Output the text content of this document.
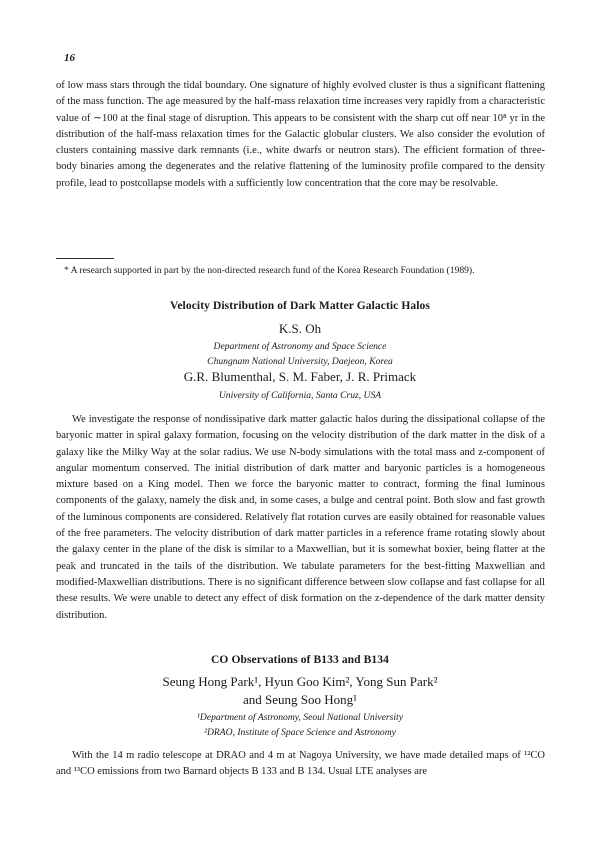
16

of low mass stars through the tidal boundary. One signature of highly evolved cluster is thus a significant flattening of the mass function. The age measured by the half-mass relaxation time increases very rapidly from a characteristic value of ∼100 at the final stage of disruption. This appears to be consistent with the sharp cut off near 10⁸ yr in the distribution of the half-mass relaxation times for the Galactic globular clusters. We also consider the evolution of clusters containing massive dark remnants (i.e., white dwarfs or neutron stars). The efficient formation of three-body binaries among the degenerates and the relative flattening of the luminosity profile compared to the density profile, lead to postcollapse models with a sufficiently low concentration that the core may be resolvable.

* A research supported in part by the non-directed research fund of the Korea Research Foundation (1989).

Velocity Distribution of Dark Matter Galactic Halos

K.S. Oh

Department of Astronomy and Space Science

Chungnam National University, Daejeon, Korea

G.R. Blumenthal, S. M. Faber, J. R. Primack

University of California, Santa Cruz, USA

We investigate the response of nondissipative dark matter galactic halos during the dissipational collapse of the baryonic matter in spiral galaxy formation, focusing on the velocity distribution of the dark matter in the disk of a galaxy like the Milky Way at the solar radius. We use N-body simulations with the total mass and z-component of angular momentum conserved. The initial distribution of dark matter and baryonic particles is a homogeneous mixture based on a King model. Then we force the baryonic matter to contract, forming the final luminous components of the galaxy, namely the disk and, in some cases, a bulge and central point. Both slow and fast growth of the luminous components are considered. Relatively flat rotation curves are easily obtained for reasonable values of the free parameters. The velocity distribution of dark matter particles in a reference frame rotating slowly about the galaxy center in the plane of the disk is similar to a Maxwellian, but it is somewhat boxier, being flatter at the peak and truncated in the tails of the distribution. We tabulate parameters for the best-fitting Maxwellian and modified-Maxwellian distributions. There is no significant difference between slow collapse and fast collapse for all these results. We were unable to detect any effect of disk formation on the z-dependence of the dark matter density distribution.

CO Observations of B133 and B134

Seung Hong Park¹, Hyun Goo Kim², Yong Sun Park²

and Seung Soo Hong¹

¹Department of Astronomy, Seoul National University

²DRAO, Institute of Space Science and Astronomy

With the 14 m radio telescope at DRAO and 4 m at Nagoya University, we have made detailed maps of ¹²CO and ¹³CO emissions from two Barnard objects B 133 and B 134. Usual LTE analyses are
